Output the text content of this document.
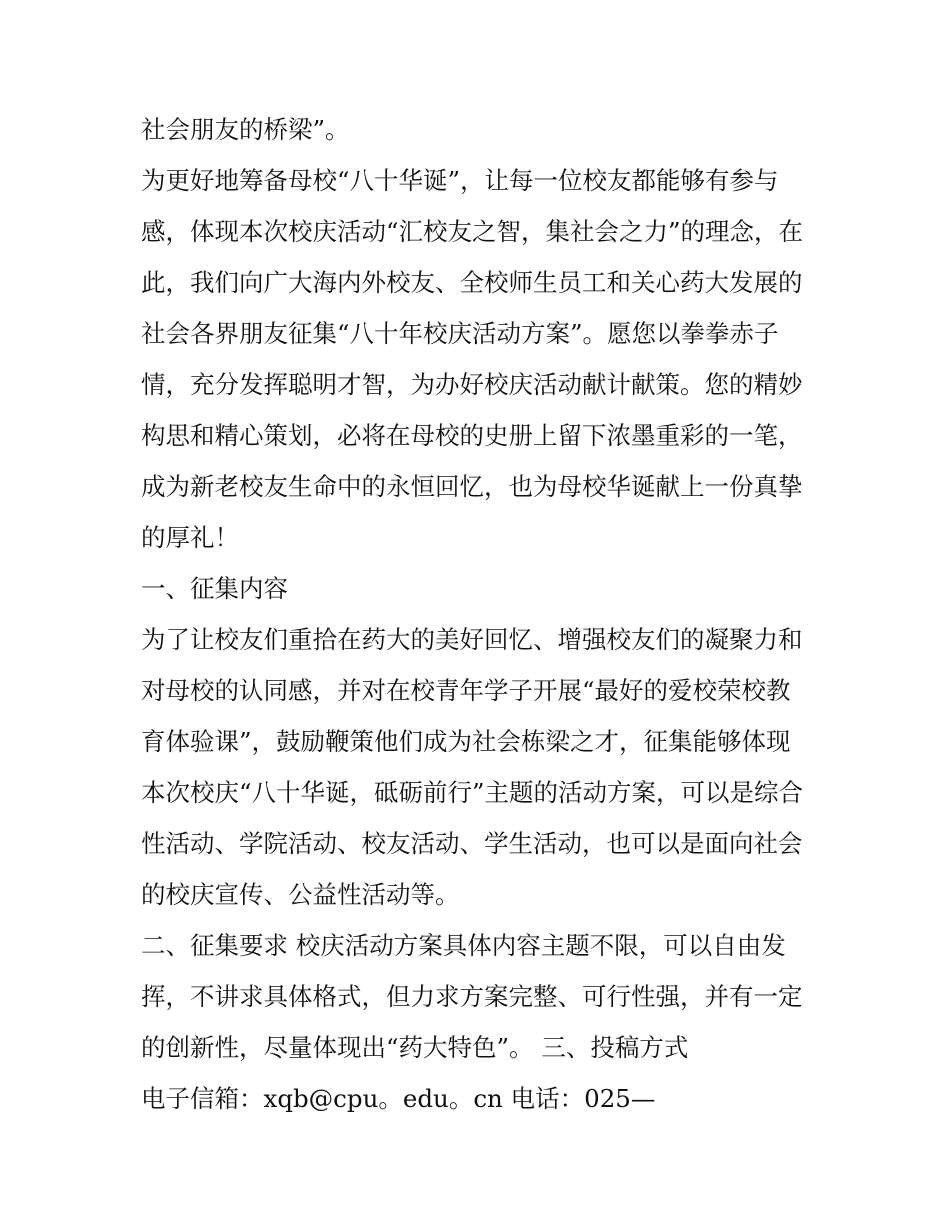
社会朋友的桥梁”。
为更好地筹备母校“八十华诞”，让每一位校友都能够有参与
感，体现本次校庆活动“汇校友之智，集社会之力”的理念，在
此，我们向广大海内外校友、全校师生员工和关心药大发展的
社会各界朋友征集“八十年校庆活动方案”。愿您以拳拳赤子
情，充分发挥聪明才智，为办好校庆活动献计献策。您的精妙
构思和精心策划，必将在母校的史册上留下浓墨重彩的一笔，
成为新老校友生命中的永恒回忆，也为母校华诞献上一份真挚
的厚礼！
一、征集内容
为了让校友们重拾在药大的美好回忆、增强校友们的凝聚力和
对母校的认同感，并对在校青年学子开展“最好的爱校荣校教
育体验课”，鼓励鞭策他们成为社会栋梁之才，征集能够体现
本次校庆“八十华诞，砥砺前行”主题的活动方案，可以是综合
性活动、学院活动、校友活动、学生活动，也可以是面向社会
的校庆宣传、公益性活动等。
二、征集要求 校庆活动方案具体内容主题不限，可以自由发
挥，不讲求具体格式，但力求方案完整、可行性强，并有一定
的创新性，尽量体现出“药大特色”。 三、投稿方式
电子信箱：xqb@cpu。edu。cn 电话：025—
